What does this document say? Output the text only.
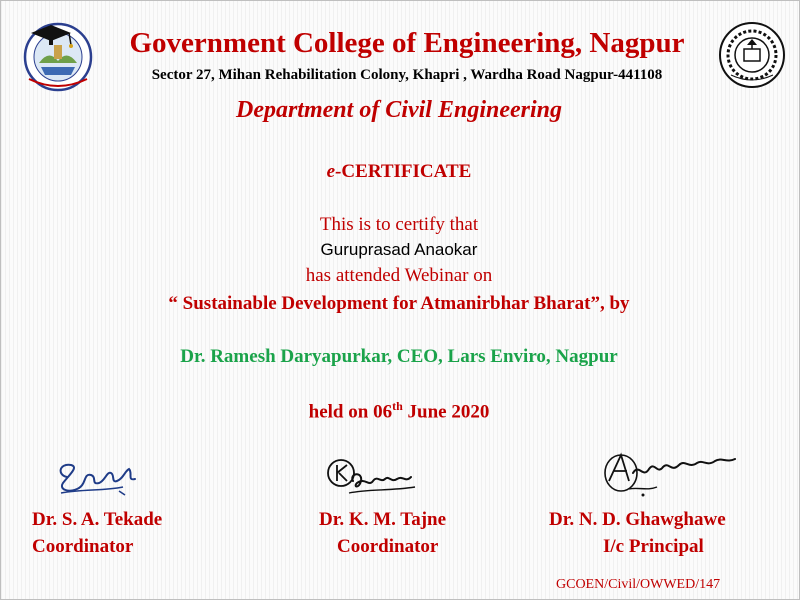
Government College of Engineering, Nagpur
Sector 27, Mihan Rehabilitation Colony, Khapri , Wardha Road Nagpur-441108
Department of Civil Engineering
e-CERTIFICATE
This is to certify that
Guruprasad Anaokar
has attended Webinar on
“ Sustainable Development for Atmanirbhar Bharat”, by
Dr. Ramesh Daryapurkar, CEO, Lars Enviro, Nagpur
held on 06th June 2020
Dr. S. A. Tekade
Coordinator
Dr. K. M. Tajne
Coordinator
Dr. N. D. Ghawghawe
I/c Principal
GCOEN/Civil/OWWED/147
